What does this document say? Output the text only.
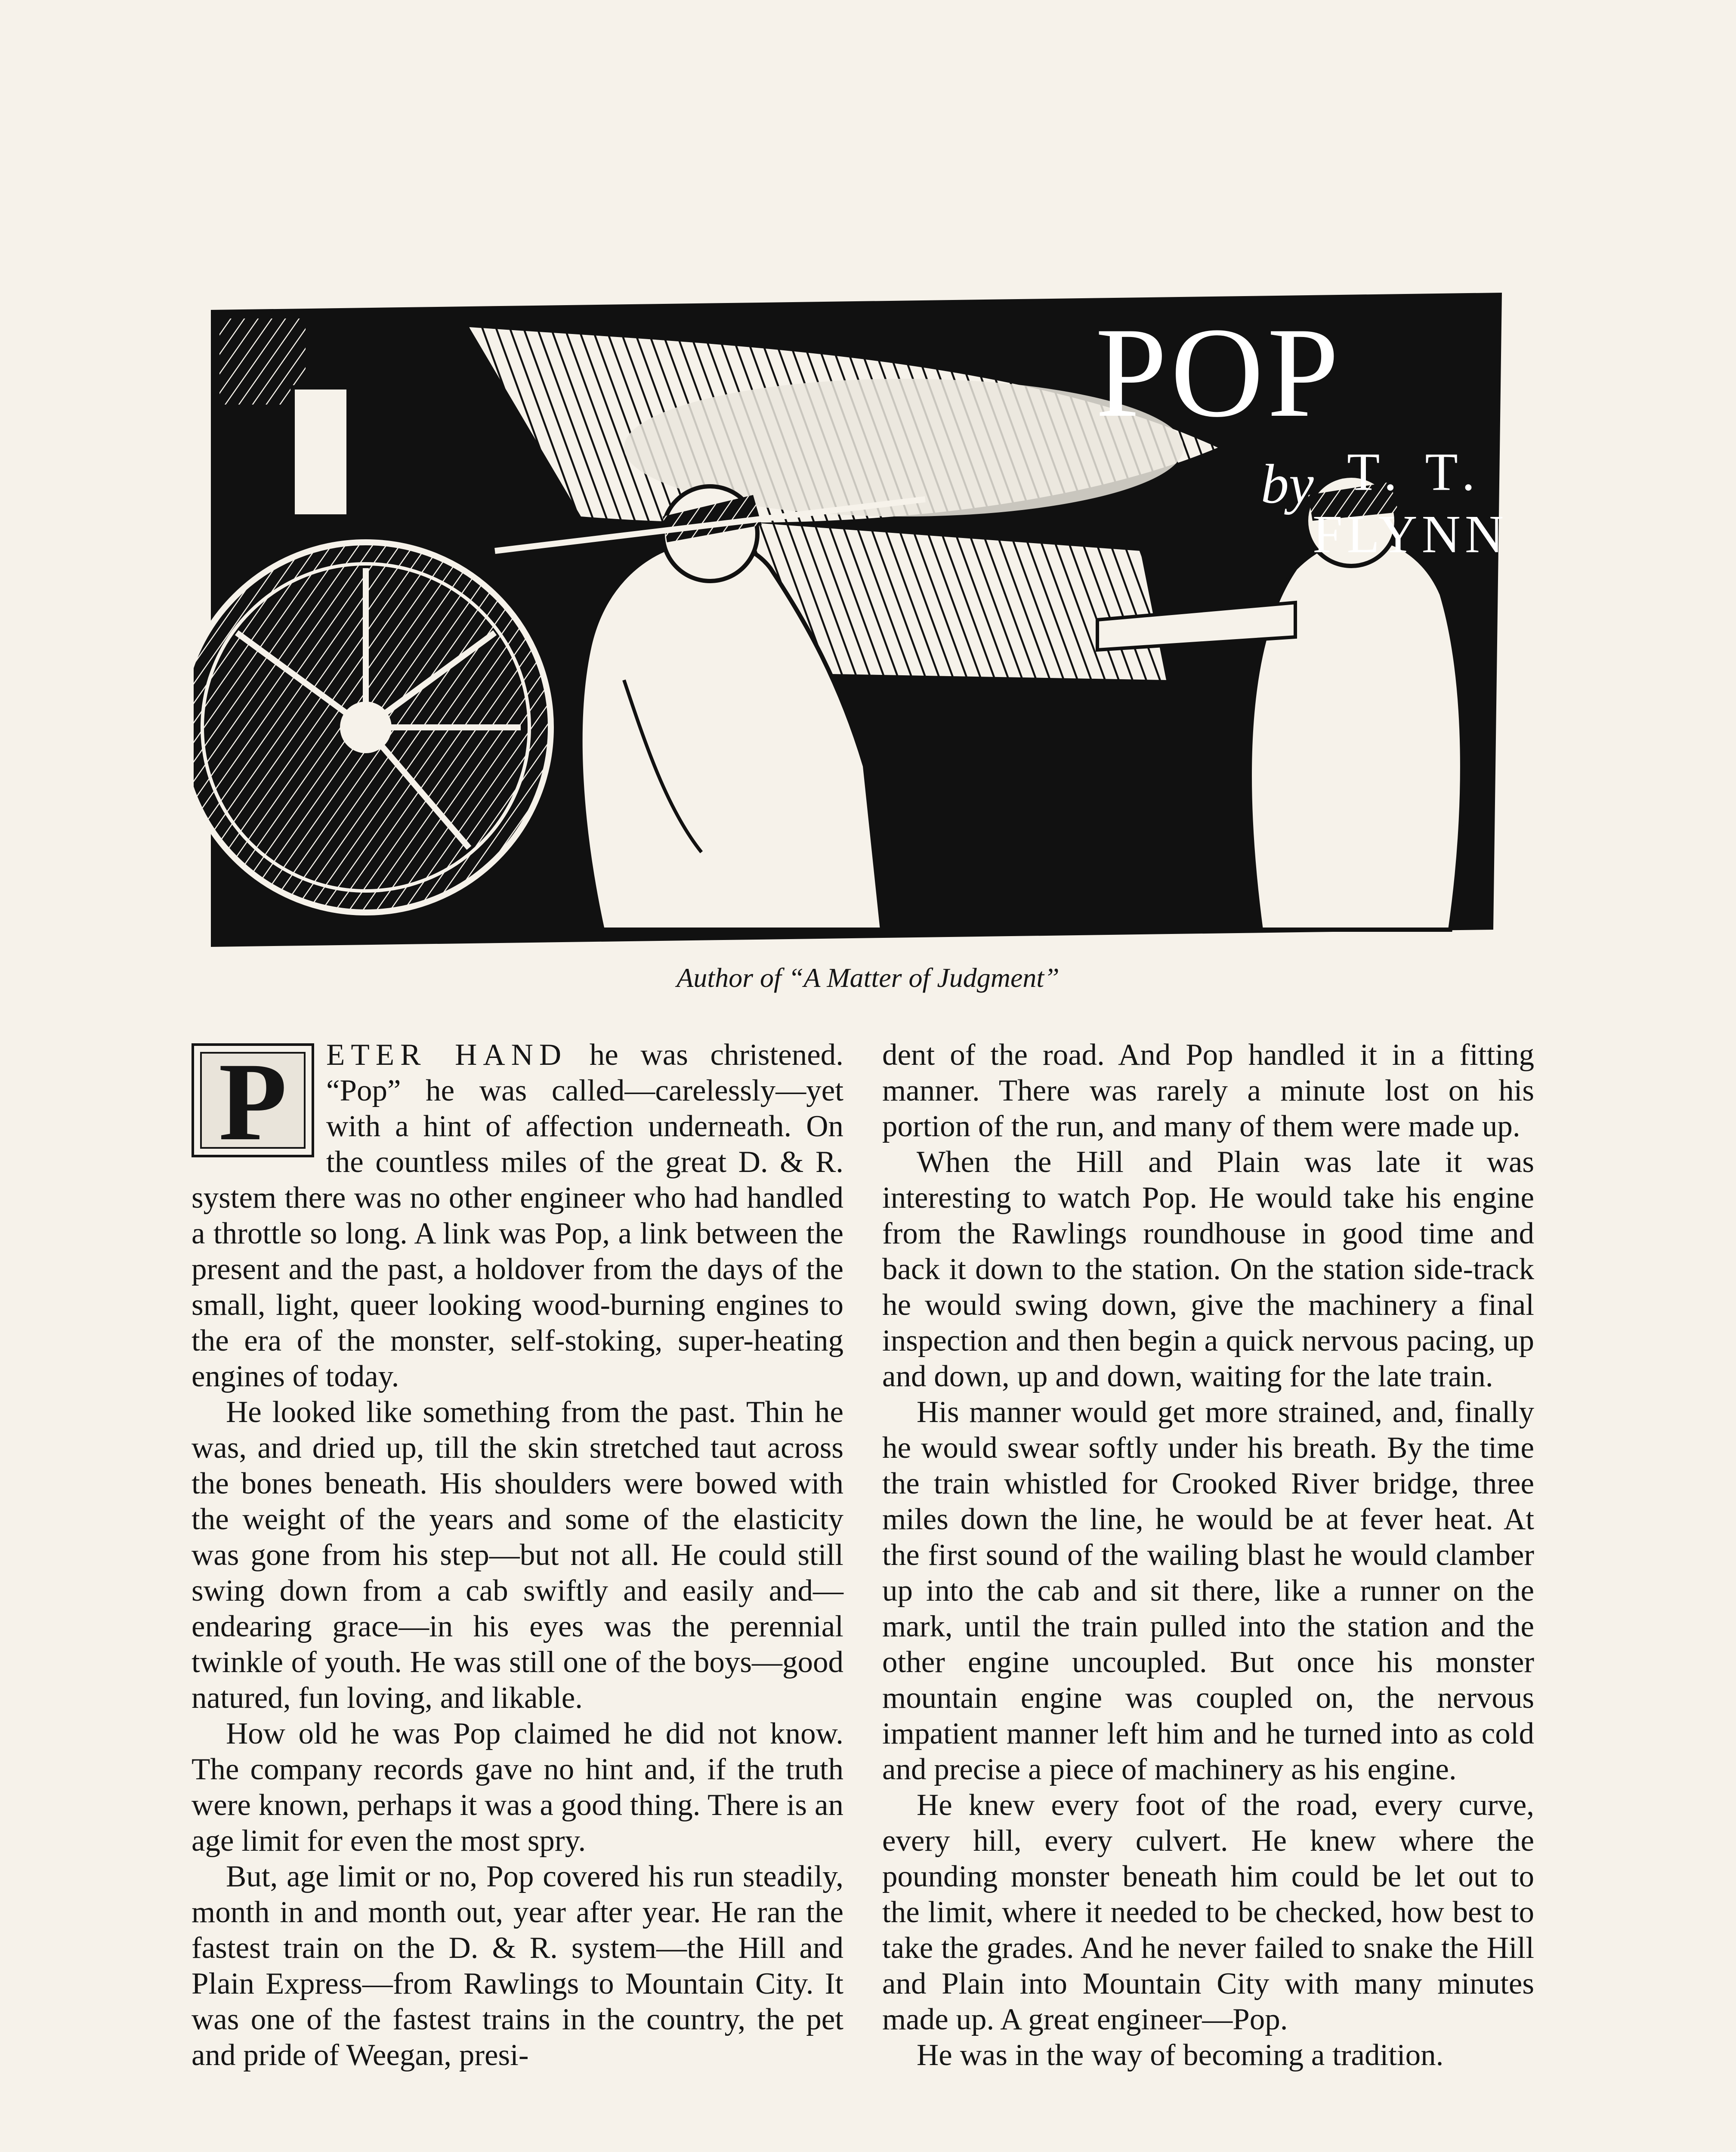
POP
by T. T.
FLYNN
Author of “A Matter of Judgment”

P	ETER HAND he was christened. “Pop” he was called—carelessly—yet with a hint of affection underneath. On the countless miles of the great D. & R. system there was no other engineer who had handled a throttle so long. A link was Pop, a link between the present and the past, a holdover from the days of the small, light, queer looking wood-burning engines to the era of the monster, self-stoking, super-heating engines of today.

He looked like something from the past. Thin he was, and dried up, till the skin stretched taut across the bones beneath. His shoulders were bowed with the weight of the years and some of the elasticity was gone from his step—but not all. He could still swing down from a cab swiftly and easily and—endearing grace—in his eyes was the perennial twinkle of youth. He was still one of the boys—good natured, fun loving, and likable.

How old he was Pop claimed he did not know. The company records gave no hint and, if the truth were known, perhaps it was a good thing. There is an age limit for even the most spry.

But, age limit or no, Pop covered his run steadily, month in and month out, year after year. He ran the fastest train on the D. & R. system—the Hill and Plain Express—from Rawlings to Mountain City. It was one of the fastest trains in the country, the pet and pride of Weegan, presi-

dent of the road. And Pop handled it in a fitting manner. There was rarely a minute lost on his portion of the run, and many of them were made up.

When the Hill and Plain was late it was interesting to watch Pop. He would take his engine from the Rawlings roundhouse in good time and back it down to the station. On the station side-track he would swing down, give the machinery a final inspection and then begin a quick nervous pacing, up and down, up and down, waiting for the late train.

His manner would get more strained, and, finally he would swear softly under his breath. By the time the train whistled for Crooked River bridge, three miles down the line, he would be at fever heat. At the first sound of the wailing blast he would clamber up into the cab and sit there, like a runner on the mark, until the train pulled into the station and the other engine uncoupled. But once his monster mountain engine was coupled on, the nervous impatient manner left him and he turned into as cold and precise a piece of machinery as his engine.

He knew every foot of the road, every curve, every hill, every culvert. He knew where the pounding monster beneath him could be let out to the limit, where it needed to be checked, how best to take the grades. And he never failed to snake the Hill and Plain into Mountain City with many minutes made up. A great engineer—Pop.

He was in the way of becoming a tradition.
